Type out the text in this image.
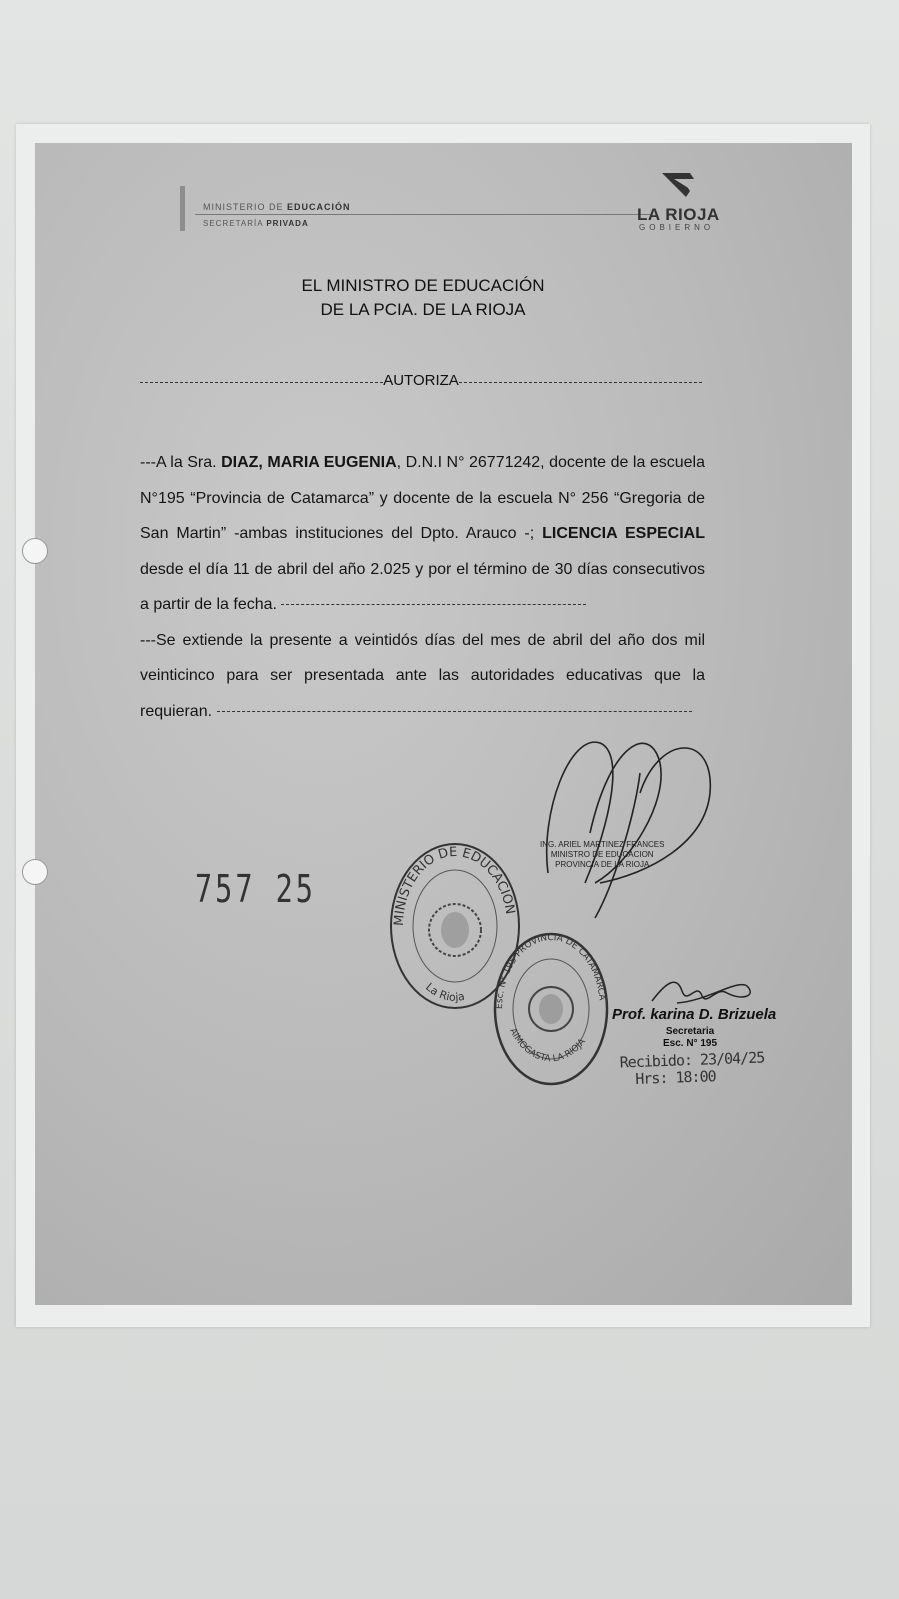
MINISTERIO DE EDUCACIÓN
SECRETARÍA PRIVADA	LA RIOJA
GOBIERNO
EL MINISTRO DE EDUCACIÓN
DE LA PCIA. DE LA RIOJA
AUTORIZA
---A la Sra. DIAZ, MARIA EUGENIA, D.N.I N° 26771242, docente de la escuela N°195 “Provincia de Catamarca” y docente de la escuela N° 256 “Gregoria de San Martin” -ambas instituciones del Dpto. Arauco -; LICENCIA ESPECIAL desde el día 11 de abril del año 2.025 y por el término de 30 días consecutivos a partir de la fecha.
---Se extiende la presente a veintidós días del mes de abril del año dos mil veinticinco para ser presentada ante las autoridades educativas que la requieran.
757 25
ING. ARIEL MARTINEZ FRANCES
MINISTRO DE EDUCACION
PROVINCIA DE LA RIOJA
MINISTERIO DE EDUCACION
La Rioja
Esc. N° 195 PROVINCIA DE CATAMARCA
AIMOGASTA LA RIOJA
Prof. karina D. Brizuela
Secretaria
Esc. N° 195
Recibido: 23/04/25
Hrs: 18:00
